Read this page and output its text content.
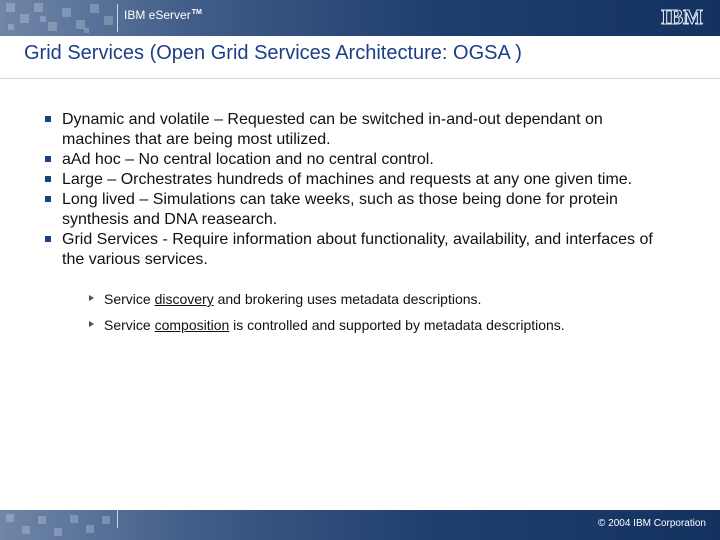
IBM eServer™	IBM
Grid Services (Open Grid Services Architecture: OGSA )
Dynamic and volatile – Requested can be switched in-and-out dependant on machines that are being most utilized.
aAd hoc – No central location and no central control.
Large – Orchestrates hundreds of machines and requests at any one given time.
Long lived – Simulations can take weeks, such as those being done for protein synthesis and DNA reasearch.
Grid Services - Require information about functionality, availability, and interfaces of the various services.
Service discovery and brokering uses metadata descriptions.
Service composition is controlled and supported by metadata descriptions.
© 2004 IBM Corporation
